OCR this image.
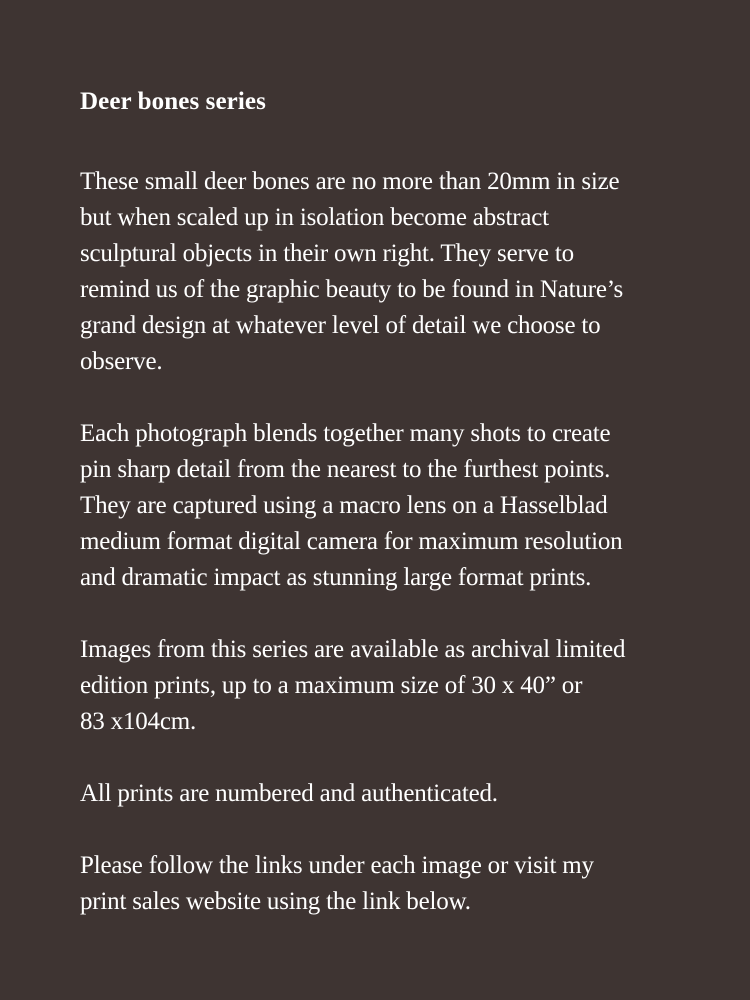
Deer bones series

These small deer bones are no more than 20mm in size
but when scaled up in isolation become abstract
sculptural objects in their own right. They serve to
remind us of the graphic beauty to be found in Nature’s
grand design at whatever level of detail we choose to
observe.

Each photograph blends together many shots to create
pin sharp detail from the nearest to the furthest points.
They are captured using a macro lens on a Hasselblad
medium format digital camera for maximum resolution
and dramatic impact as stunning large format prints.

Images from this series are available as archival limited
edition prints, up to a maximum size of 30 x 40” or
83 x104cm.

All prints are numbered and authenticated.

Please follow the links under each image or visit my
print sales website using the link below.
